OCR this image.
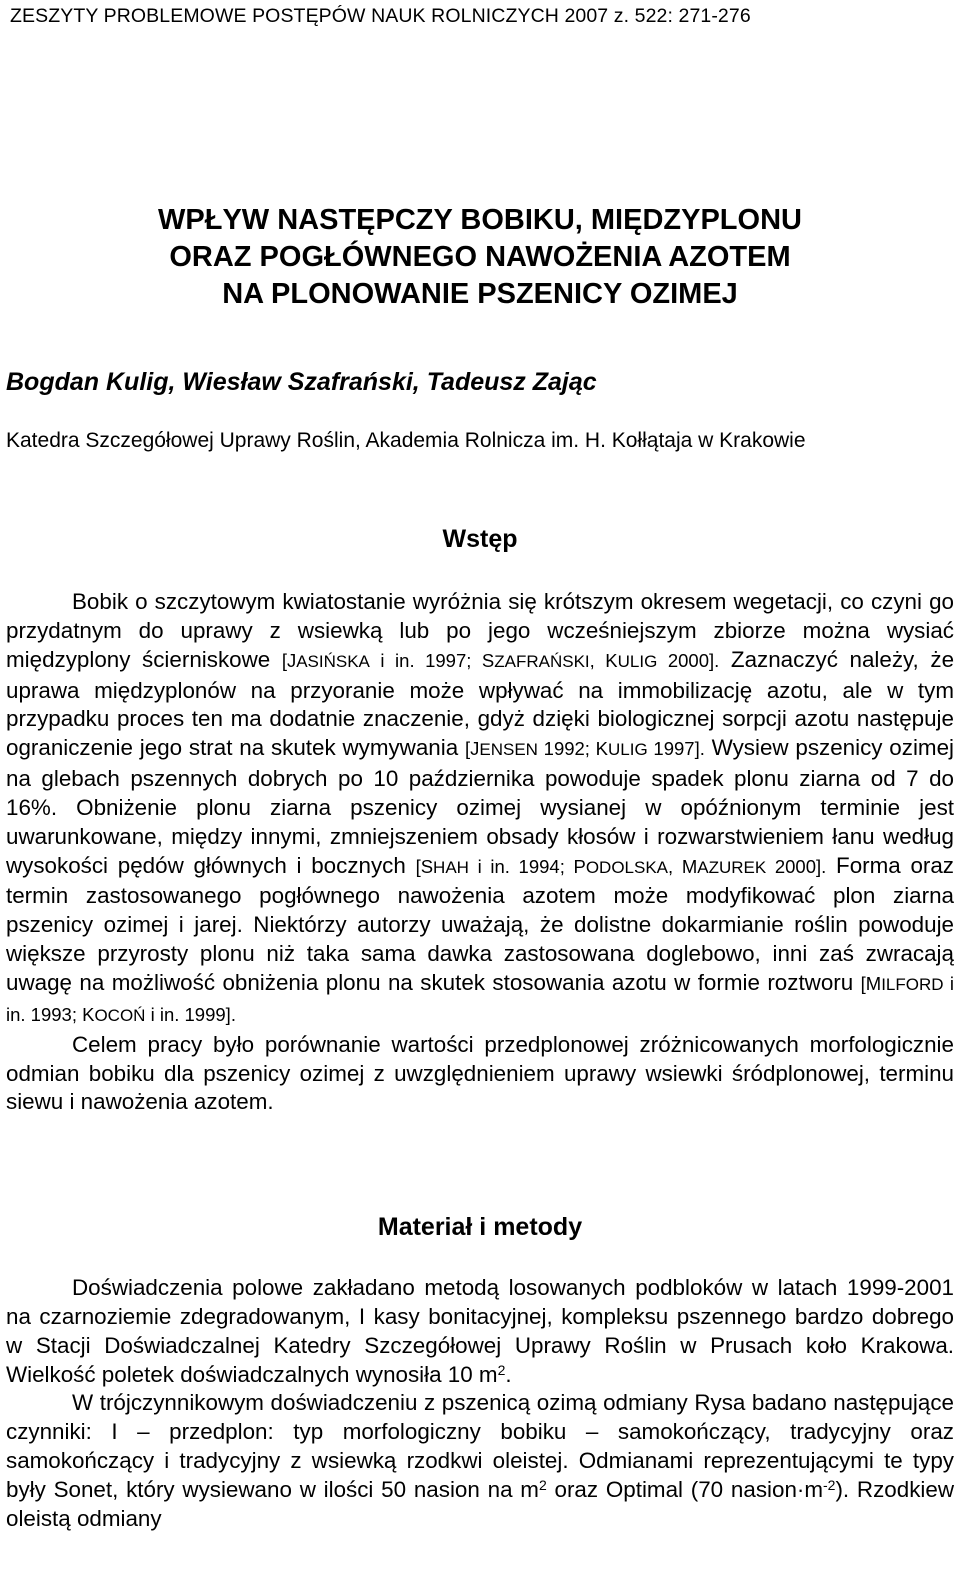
ZESZYTY PROBLEMOWE POSTĘPÓW NAUK ROLNICZYCH 2007 z. 522: 271-276
WPŁYW NASTĘPCZY BOBIKU, MIĘDZYPLONU
ORAZ POGŁÓWNEGO NAWOŻENIA AZOTEM
NA PLONOWANIE PSZENICY OZIMEJ
Bogdan Kulig, Wiesław Szafrański, Tadeusz Zając
Katedra Szczegółowej Uprawy Roślin, Akademia Rolnicza im. H. Kołłątaja w Krakowie
Wstęp

Bobik o szczytowym kwiatostanie wyróżnia się krótszym okresem wegetacji, co czyni go przydatnym do uprawy z wsiewką lub po jego wcześniejszym zbiorze można wysiać międzyplony ścierniskowe [JASIŃSKA i in. 1997; SZAFRAŃSKI, KULIG 2000]. Zaznaczyć należy, że uprawa międzyplonów na przyoranie może wpływać na immobilizację azotu, ale w tym przypadku proces ten ma dodatnie znaczenie, gdyż dzięki biologicznej sorpcji azotu następuje ograniczenie jego strat na skutek wymywania [JENSEN 1992; KULIG 1997]. Wysiew pszenicy ozimej na glebach pszennych dobrych po 10 października powoduje spadek plonu ziarna od 7 do 16%. Obniżenie plonu ziarna pszenicy ozimej wysianej w opóźnionym terminie jest uwarunkowane, między innymi, zmniejszeniem obsady kłosów i rozwarstwieniem łanu według wysokości pędów głównych i bocznych [SHAH i in. 1994; PODOLSKA, MAZUREK 2000]. Forma oraz termin zastosowanego pogłównego nawożenia azotem może modyfikować plon ziarna pszenicy ozimej i jarej. Niektórzy autorzy uważają, że dolistne dokarmianie roślin powoduje większe przyrosty plonu niż taka sama dawka zastosowana doglebowo, inni zaś zwracają uwagę na możliwość obniżenia plonu na skutek stosowania azotu w formie roztworu [MILFORD i in. 1993; KOCOŃ i in. 1999].

Celem pracy było porównanie wartości przedplonowej zróżnicowanych morfologicznie odmian bobiku dla pszenicy ozimej z uwzględnieniem uprawy wsiewki śródplonowej, terminu siewu i nawożenia azotem.

Materiał i metody

Doświadczenia polowe zakładano metodą losowanych podbloków w latach 1999-2001 na czarnoziemie zdegradowanym, I kasy bonitacyjnej, kompleksu pszennego bardzo dobrego w Stacji Doświadczalnej Katedry Szczegółowej Uprawy Roślin w Prusach koło Krakowa. Wielkość poletek doświadczalnych wynosiła 10 $m^2$.

W trójczynnikowym doświadczeniu z pszenicą ozimą odmiany Rysa badano następujące czynniki: I – przedplon: typ morfologiczny bobiku – samokończący, tradycyjny oraz samokończący i tradycyjny z wsiewką rzodkwi oleistej. Odmianami reprezentującymi te typy były Sonet, który wysiewano w ilości 50 nasion na $m^2$ oraz Optimal (70 $nasion\cdot m^{-2}$). Rzodkiew oleistą odmiany
